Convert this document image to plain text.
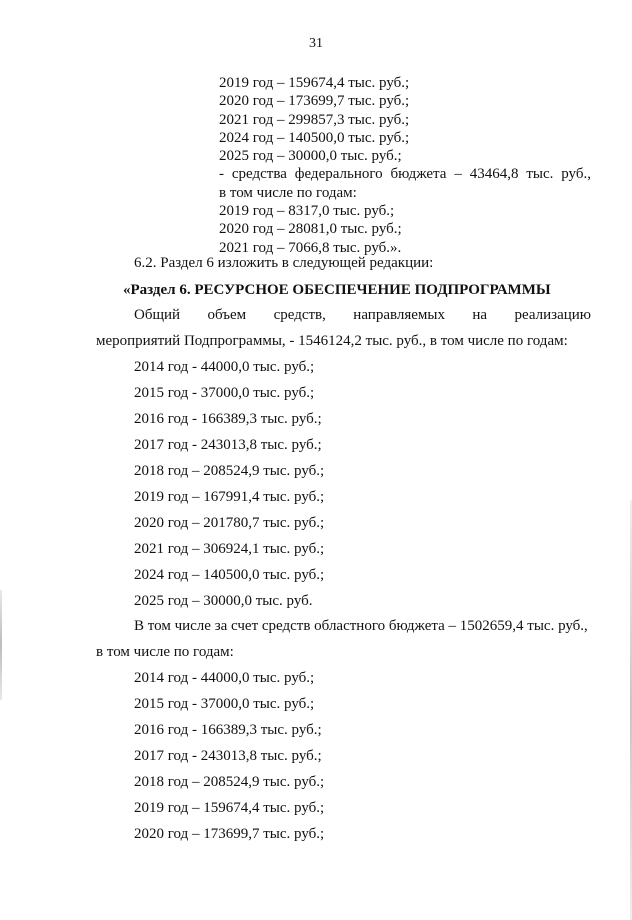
31
2019 год – 159674,4 тыс. руб.;
2020 год – 173699,7 тыс. руб.;
2021 год – 299857,3 тыс. руб.;
2024 год – 140500,0 тыс. руб.;
2025 год – 30000,0 тыс. руб.;
- средства федерального бюджета – 43464,8 тыс. руб.,
в том числе по годам:
2019 год – 8317,0 тыс. руб.;
2020 год – 28081,0 тыс. руб.;
2021 год – 7066,8 тыс. руб.».
6.2. Раздел 6 изложить в следующей редакции:
«Раздел 6. РЕСУРСНОЕ ОБЕСПЕЧЕНИЕ ПОДПРОГРАММЫ
Общий объем средств, направляемых на реализацию
мероприятий Подпрограммы, - 1546124,2 тыс. руб., в том числе по годам:
2014 год - 44000,0 тыс. руб.;
2015 год - 37000,0 тыс. руб.;
2016 год - 166389,3 тыс. руб.;
2017 год - 243013,8 тыс. руб.;
2018 год – 208524,9 тыс. руб.;
2019 год – 167991,4 тыс. руб.;
2020 год – 201780,7 тыс. руб.;
2021 год – 306924,1 тыс. руб.;
2024 год – 140500,0 тыс. руб.;
2025 год – 30000,0 тыс. руб.
В том числе за счет средств областного бюджета – 1502659,4 тыс. руб.,
в том числе по годам:
2014 год - 44000,0 тыс. руб.;
2015 год - 37000,0 тыс. руб.;
2016 год - 166389,3 тыс. руб.;
2017 год - 243013,8 тыс. руб.;
2018 год – 208524,9 тыс. руб.;
2019 год – 159674,4 тыс. руб.;
2020 год – 173699,7 тыс. руб.;
